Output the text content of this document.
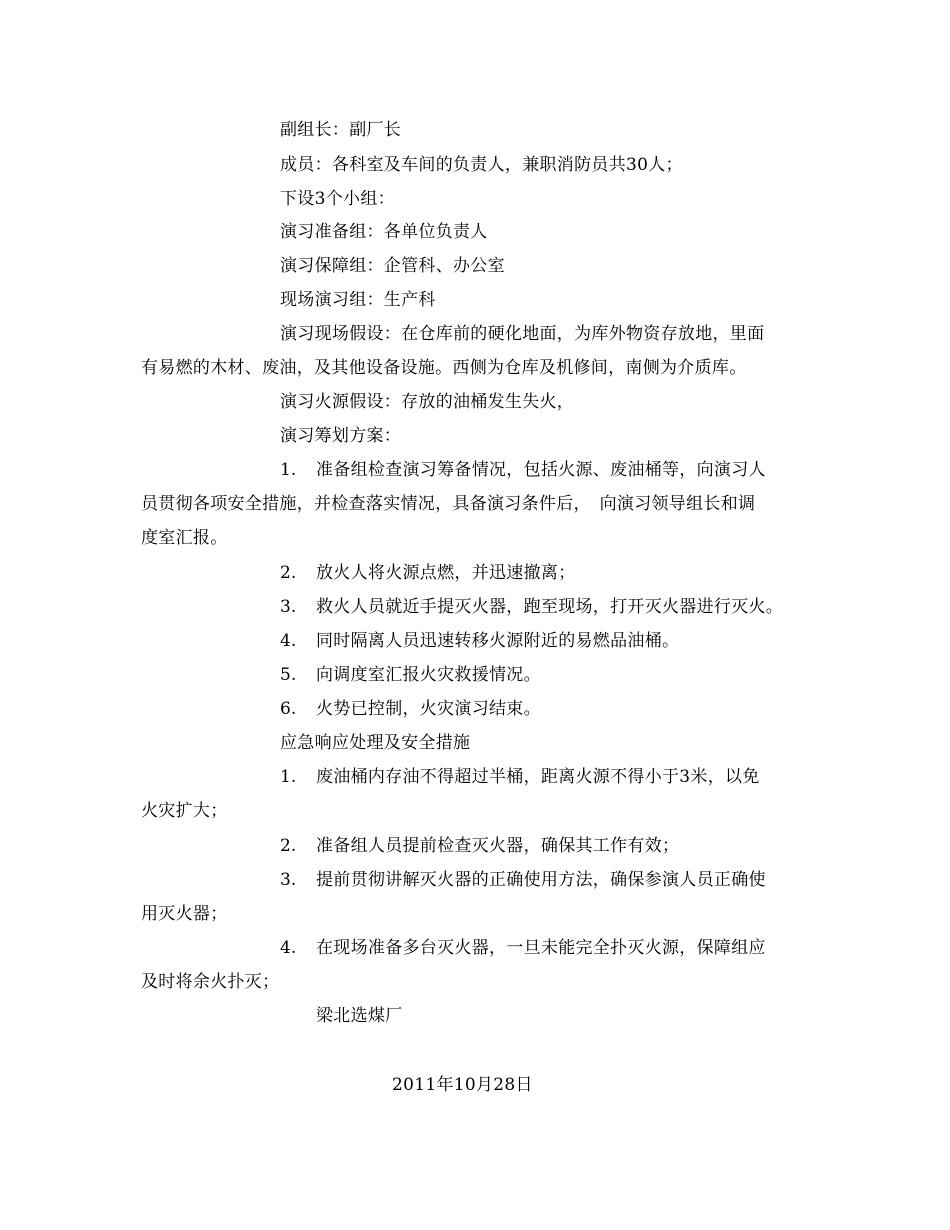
副组长：副厂长
成员：各科室及车间的负责人，兼职消防员共30人；
下设3个小组：
演习准备组：各单位负责人
演习保障组：企管科、办公室
现场演习组：生产科
演习现场假设：在仓库前的硬化地面，为库外物资存放地，里面
有易燃的木材、废油，及其他设备设施。西侧为仓库及机修间，南侧为介质库。
演习火源假设：存放的油桶发生失火，
演习筹划方案：
1. 准备组检查演习筹备情况，包括火源、废油桶等，向演习人
员贯彻各项安全措施，并检查落实情况，具备演习条件后，　向演习领导组长和调
度室汇报。
2. 放火人将火源点燃，并迅速撤离；
3. 救火人员就近手提灭火器，跑至现场，打开灭火器进行灭火。
4. 同时隔离人员迅速转移火源附近的易燃品油桶。
5. 向调度室汇报火灾救援情况。
6. 火势已控制，火灾演习结束。
应急响应处理及安全措施
1. 废油桶内存油不得超过半桶，距离火源不得小于3米，以免
火灾扩大；
2. 准备组人员提前检查灭火器，确保其工作有效；
3. 提前贯彻讲解灭火器的正确使用方法，确保参演人员正确使
用灭火器；
4. 在现场准备多台灭火器，一旦未能完全扑灭火源，保障组应
及时将余火扑灭；
梁北选煤厂
2011年10月28日
